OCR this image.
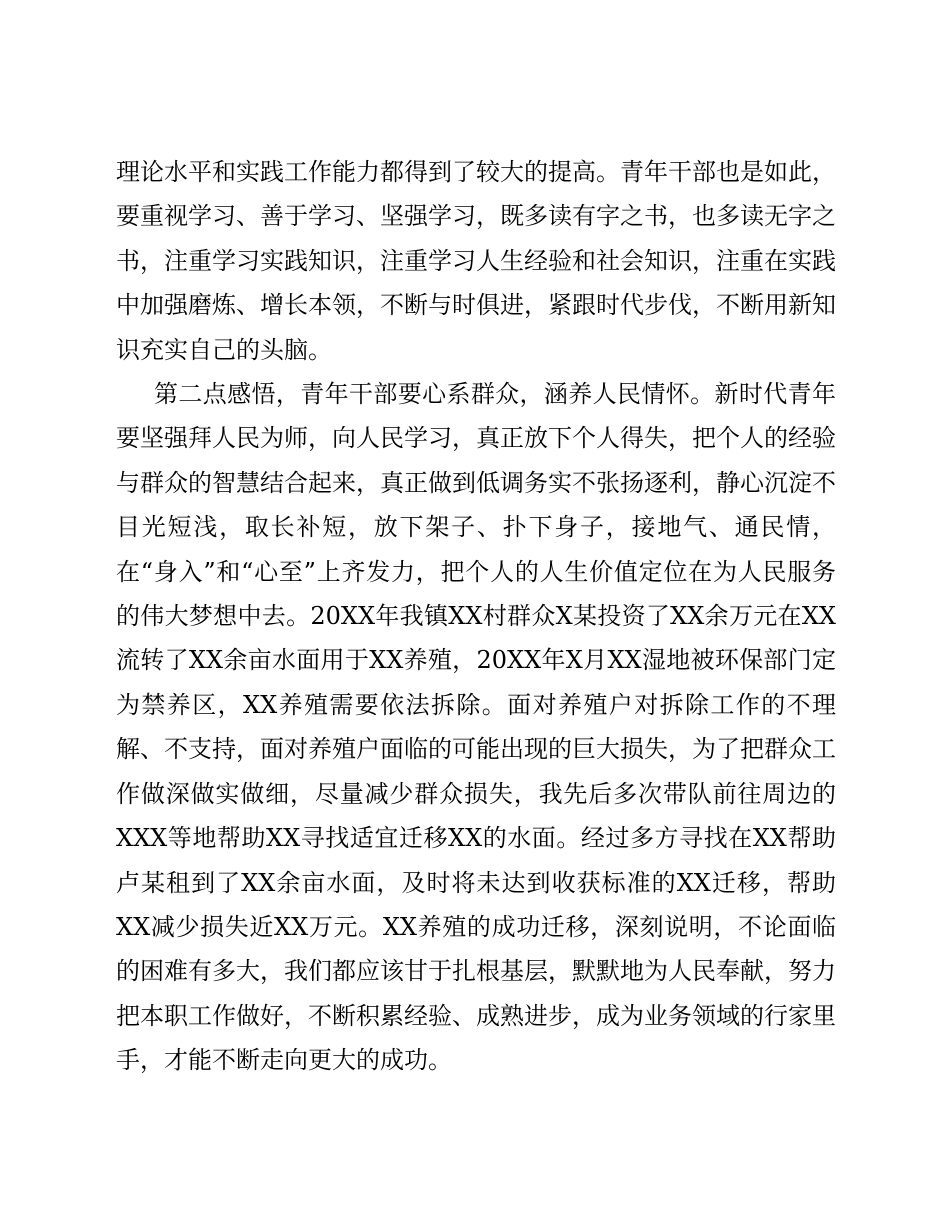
理论水平和实践工作能力都得到了较大的提高。青年干部也是如此，要重视学习、善于学习、坚强学习，既多读有字之书，也多读无字之书，注重学习实践知识，注重学习人生经验和社会知识，注重在实践中加强磨炼、增长本领，不断与时俱进，紧跟时代步伐，不断用新知识充实自己的头脑。

第二点感悟，青年干部要心系群众，涵养人民情怀。新时代青年要坚强拜人民为师，向人民学习，真正放下个人得失，把个人的经验与群众的智慧结合起来，真正做到低调务实不张扬逐利，静心沉淀不目光短浅，取长补短，放下架子、扑下身子，接地气、通民情，在“身入”和“心至”上齐发力，把个人的人生价值定位在为人民服务的伟大梦想中去。20XX年我镇XX村群众X某投资了XX余万元在XX流转了XX余亩水面用于XX养殖，20XX年X月XX湿地被环保部门定为禁养区，XX养殖需要依法拆除。面对养殖户对拆除工作的不理解、不支持，面对养殖户面临的可能出现的巨大损失，为了把群众工作做深做实做细，尽量减少群众损失，我先后多次带队前往周边的XXX等地帮助XX寻找适宜迁移XX的水面。经过多方寻找在XX帮助卢某租到了XX余亩水面，及时将未达到收获标准的XX迁移，帮助XX减少损失近XX万元。XX养殖的成功迁移，深刻说明，不论面临的困难有多大，我们都应该甘于扎根基层，默默地为人民奉献，努力把本职工作做好，不断积累经验、成熟进步，成为业务领域的行家里手，才能不断走向更大的成功。
